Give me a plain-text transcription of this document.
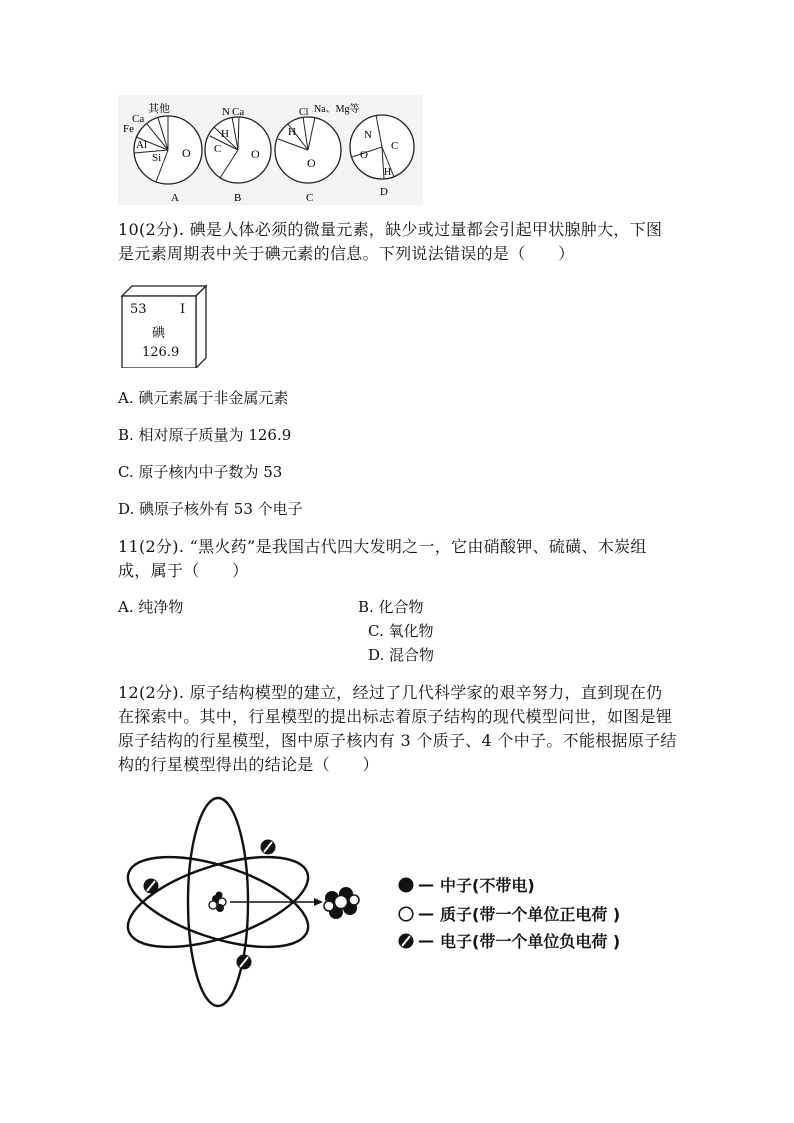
其他
Ca
Fe
Al
Si O
A
N Ca
H
C O
B
Cl Na、Mg等
H
O
C
N
O
C
H
D
10(2分). 碘是人体必须的微量元素，缺少或过量都会引起甲状腺肿大，下图
是元素周期表中关于碘元素的信息。下列说法错误的是（　　）
53	I
碘
126.9
A. 碘元素属于非金属元素
B. 相对原子质量为 126.9
C. 原子核内中子数为 53
D. 碘原子核外有 53 个电子
11(2分). “黑火药”是我国古代四大发明之一，它由硝酸钾、硫磺、木炭组
成，属于（　　）
A. 纯净物	B. 化合物
C. 氧化物
D. 混合物
12(2分). 原子结构模型的建立，经过了几代科学家的艰辛努力，直到现在仍
在探索中。其中，行星模型的提出标志着原子结构的现代模型问世，如图是锂
原子结构的行星模型，图中原子核内有 3 个质子、4 个中子。不能根据原子结
构的行星模型得出的结论是（　　）
— 中子(不带电)
— 质子(带一个单位正电荷 )
— 电子(带一个单位负电荷 )
